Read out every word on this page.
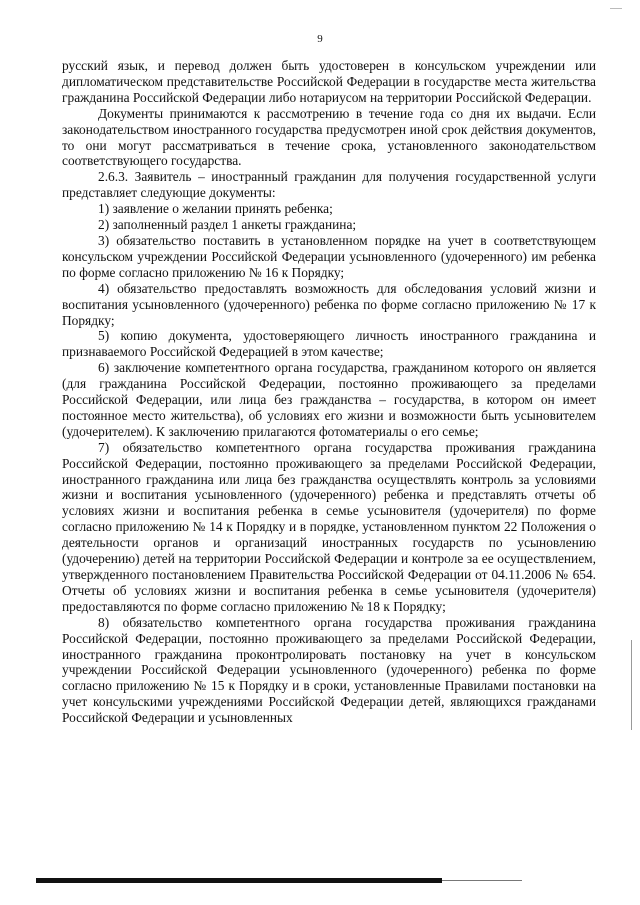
9

русский язык, и перевод должен быть удостоверен в консульском учреждении или дипломатическом представительстве Российской Федерации в государстве места жительства гражданина Российской Федерации либо нотариусом на территории Российской Федерации.

Документы принимаются к рассмотрению в течение года со дня их выдачи. Если законодательством иностранного государства предусмотрен иной срок действия документов, то они могут рассматриваться в течение срока, установленного законодательством соответствующего государства.

2.6.3. Заявитель – иностранный гражданин для получения государственной услуги представляет следующие документы:

1) заявление о желании принять ребенка;

2) заполненный раздел 1 анкеты гражданина;

3) обязательство поставить в установленном порядке на учет в соответствующем консульском учреждении Российской Федерации усыновленного (удочеренного) им ребенка по форме согласно приложению № 16 к Порядку;

4) обязательство предоставлять возможность для обследования условий жизни и воспитания усыновленного (удочеренного) ребенка по форме согласно приложению № 17 к Порядку;

5) копию документа, удостоверяющего личность иностранного гражданина и признаваемого Российской Федерацией в этом качестве;

6) заключение компетентного органа государства, гражданином которого он является (для гражданина Российской Федерации, постоянно проживающего за пределами Российской Федерации, или лица без гражданства – государства, в котором он имеет постоянное место жительства), об условиях его жизни и возможности быть усыновителем (удочерителем). К заключению прилагаются фотоматериалы о его семье;

7) обязательство компетентного органа государства проживания гражданина Российской Федерации, постоянно проживающего за пределами Российской Федерации, иностранного гражданина или лица без гражданства осуществлять контроль за условиями жизни и воспитания усыновленного (удочеренного) ребенка и представлять отчеты об условиях жизни и воспитания ребенка в семье усыновителя (удочерителя) по форме согласно приложению № 14 к Порядку и в порядке, установленном пунктом 22 Положения о деятельности органов и организаций иностранных государств по усыновлению (удочерению) детей на территории Российской Федерации и контроле за ее осуществлением, утвержденного постановлением Правительства Российской Федерации от 04.11.2006 № 654. Отчеты об условиях жизни и воспитания ребенка в семье усыновителя (удочерителя) предоставляются по форме согласно приложению № 18 к Порядку;

8) обязательство компетентного органа государства проживания гражданина Российской Федерации, постоянно проживающего за пределами Российской Федерации, иностранного гражданина проконтролировать постановку на учет в консульском учреждении Российской Федерации усыновленного (удочеренного) ребенка по форме согласно приложению № 15 к Порядку и в сроки, установленные Правилами постановки на учет консульскими учреждениями Российской Федерации детей, являющихся гражданами Российской Федерации и усыновленных
